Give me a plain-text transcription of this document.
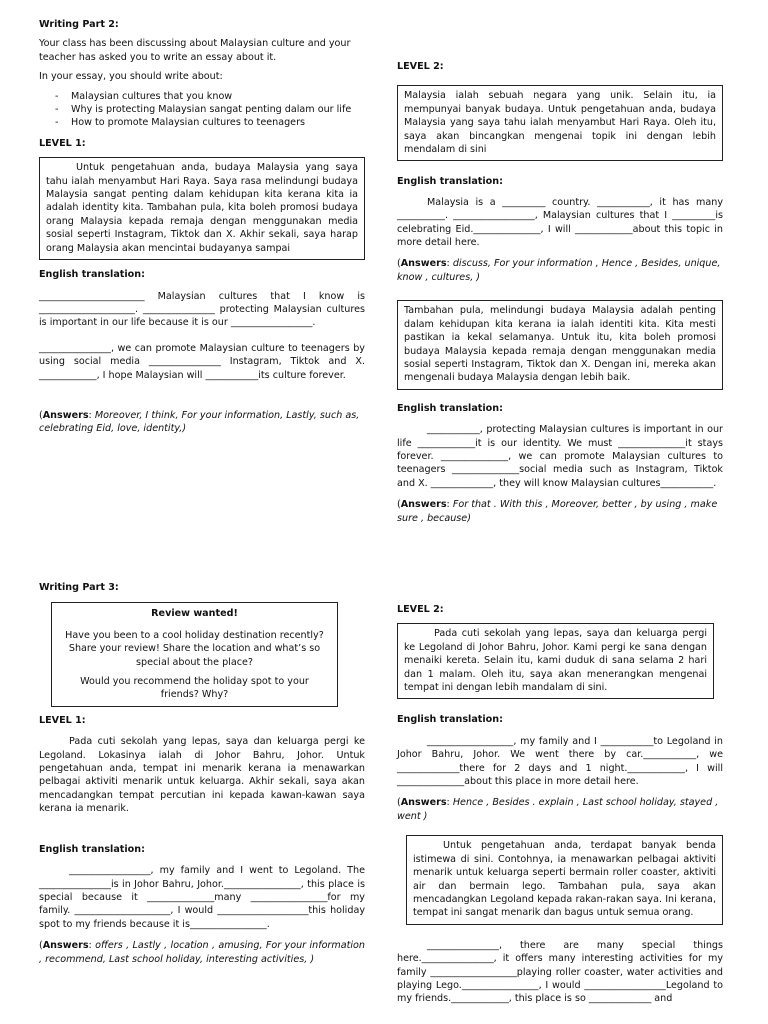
Writing Part 2:

Your class has been discussing about Malaysian culture and your teacher has asked you to write an essay about it.

In your essay, you should write about:

- Malaysian cultures that you know
- Why is protecting Malaysian sangat penting dalam our life
- How to promote Malaysian cultures to teenagers

LEVEL 1:

Untuk pengetahuan anda, budaya Malaysia yang saya tahu ialah menyambut Hari Raya. Saya rasa melindungi budaya Malaysia sangat penting dalam kehidupan kita kerana kita ia adalah identity kita. Tambahan pula, kita boleh promosi budaya orang Malaysia kepada remaja dengan menggunakan media sosial seperti Instagram, Tiktok dan X. Akhir sekali, saya harap orang Malaysia akan mencintai budayanya sampai

English translation:

______________________ Malaysian cultures that I know is ____________________. _______________ protecting Malaysian cultures is important in our life because it is our _________________.

_______________, we can promote Malaysian culture to teenagers by using social media _______________ Instagram, Tiktok and X. ____________, I hope Malaysian will ___________its culture forever.

(Answers: Moreover, I think, For your information, Lastly, such as, celebrating Eid, love, identity,)

LEVEL 2:

Malaysia ialah sebuah negara yang unik. Selain itu, ia mempunyai banyak budaya. Untuk pengetahuan anda, budaya Malaysia yang saya tahu ialah menyambut Hari Raya. Oleh itu, saya akan bincangkan mengenai topik ini dengan lebih mendalam di sini

English translation:

Malaysia is a _________ country. ___________, it has many __________. _________________, Malaysian cultures that I _________is celebrating Eid.______________, I will ____________about this topic in more detail here.

(Answers: discuss, For your information , Hence , Besides, unique, know , cultures, )

Tambahan pula, melindungi budaya Malaysia adalah penting dalam kehidupan kita kerana ia ialah identiti kita. Kita mesti pastikan ia kekal selamanya. Untuk itu, kita boleh promosi budaya Malaysia kepada remaja dengan menggunakan media sosial seperti Instagram, Tiktok dan X. Dengan ini, mereka akan mengenali budaya Malaysia dengan lebih baik.

English translation:

___________, protecting Malaysian cultures is important in our life ____________it is our identity. We must ______________it stays forever. ______________, we can promote Malaysian cultures to teenagers ______________social media such as Instagram, Tiktok and X. _____________, they will know Malaysian cultures___________.

(Answers: For that . With this , Moreover, better , by using , make sure , because)

Writing Part 3:

Review wanted!

Have you been to a cool holiday destination recently? Share your review! Share the location and what’s so special about the place?

Would you recommend the holiday spot to your friends? Why?

LEVEL 1:

Pada cuti sekolah yang lepas, saya dan keluarga pergi ke Legoland. Lokasinya ialah di Johor Bahru, Johor. Untuk pengetahuan anda, tempat ini menarik kerana ia menawarkan pelbagai aktiviti menarik untuk keluarga. Akhir sekali, saya akan mencadangkan tempat percutian ini kepada kawan-kawan saya kerana ia menarik.

English translation:

_________________, my family and I went to Legoland. The _______________is in Johor Bahru, Johor.________________, this place is special because it ______________many ________________for my family. ____________________, I would ___________________this holiday spot to my friends because it is________________.

(Answers: offers , Lastly , location , amusing, For your information , recommend, Last school holiday, interesting activities, )

LEVEL 2:

Pada cuti sekolah yang lepas, saya dan keluarga pergi ke Legoland di Johor Bahru, Johor. Kami pergi ke sana dengan menaiki kereta. Selain itu, kami duduk di sana selama 2 hari dan 1 malam. Oleh itu, saya akan menerangkan mengenai tempat ini dengan lebih mandalam di sini.

English translation:

__________________, my family and I ___________to Legoland in Johor Bahru, Johor. We went there by car.___________, we _____________there for 2 days and 1 night.____________, I will ______________about this place in more detail here.

(Answers: Hence , Besides . explain , Last school holiday, stayed , went )

Untuk pengetahuan anda, terdapat banyak benda istimewa di sini. Contohnya, ia menawarkan pelbagai aktiviti menarik untuk keluarga seperti bermain roller coaster, aktiviti air dan bermain lego. Tambahan pula, saya akan mencadangkan Legoland kepada rakan-rakan saya. Ini kerana, tempat ini sangat menarik dan bagus untuk semua orang.

_______________, there are many special things here._______________, it offers many interesting activities for my family __________________playing roller coaster, water activities and playing Lego.________________, I would _________________Legoland to my friends.____________, this place is so _____________ and
